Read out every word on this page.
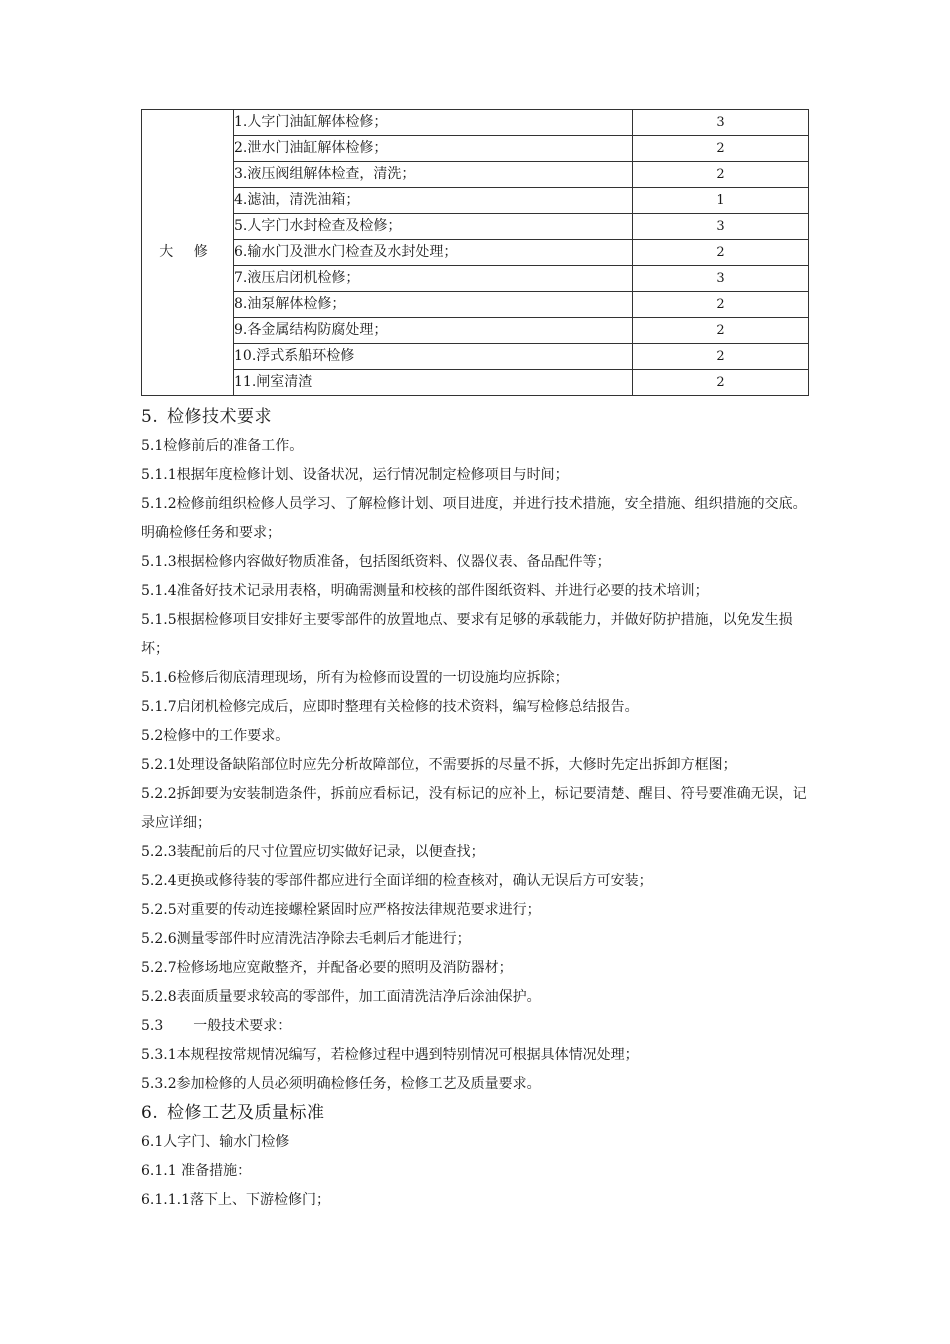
大 修	1.人字门油缸解体检修；	3
	2.泄水门油缸解体检修；	2
	3.液压阀组解体检查，清洗；	2
	4.滤油，清洗油箱；	1
	5.人字门水封检查及检修；	3
	6.输水门及泄水门检查及水封处理；	2
	7.液压启闭机检修；	3
	8.油泵解体检修；	2
	9.各金属结构防腐处理；	2
	10.浮式系船环检修	2
	11.闸室清渣	2

5. 检修技术要求

5.1检修前后的准备工作。

5.1.1根据年度检修计划、设备状况，运行情况制定检修项目与时间；

5.1.2检修前组织检修人员学习、了解检修计划、项目进度，并进行技术措施，安全措施、组织措施的交底。明确检修任务和要求；

5.1.3根据检修内容做好物质准备，包括图纸资料、仪器仪表、备品配件等；

5.1.4准备好技术记录用表格，明确需测量和校核的部件图纸资料、并进行必要的技术培训；

5.1.5根据检修项目安排好主要零部件的放置地点、要求有足够的承载能力，并做好防护措施，以免发生损坏；

5.1.6检修后彻底清理现场，所有为检修而设置的一切设施均应拆除；

5.1.7启闭机检修完成后，应即时整理有关检修的技术资料，编写检修总结报告。

5.2检修中的工作要求。

5.2.1处理设备缺陷部位时应先分析故障部位，不需要拆的尽量不拆，大修时先定出拆卸方框图；

5.2.2拆卸要为安装制造条件，拆前应看标记，没有标记的应补上，标记要清楚、醒目、符号要准确无误，记录应详细；

5.2.3装配前后的尺寸位置应切实做好记录，以便查找；

5.2.4更换或修待装的零部件都应进行全面详细的检查核对，确认无误后方可安装；

5.2.5对重要的传动连接螺栓紧固时应严格按法律规范要求进行；

5.2.6测量零部件时应清洗洁净除去毛刺后才能进行；

5.2.7检修场地应宽敞整齐，并配备必要的照明及消防器材；

5.2.8表面质量要求较高的零部件，加工面清洗洁净后涂油保护。

5.3 一般技术要求：

5.3.1本规程按常规情况编写，若检修过程中遇到特别情况可根据具体情况处理；

5.3.2参加检修的人员必须明确检修任务，检修工艺及质量要求。

6. 检修工艺及质量标准

6.1人字门、输水门检修

6.1.1 准备措施：

6.1.1.1落下上、下游检修门；
